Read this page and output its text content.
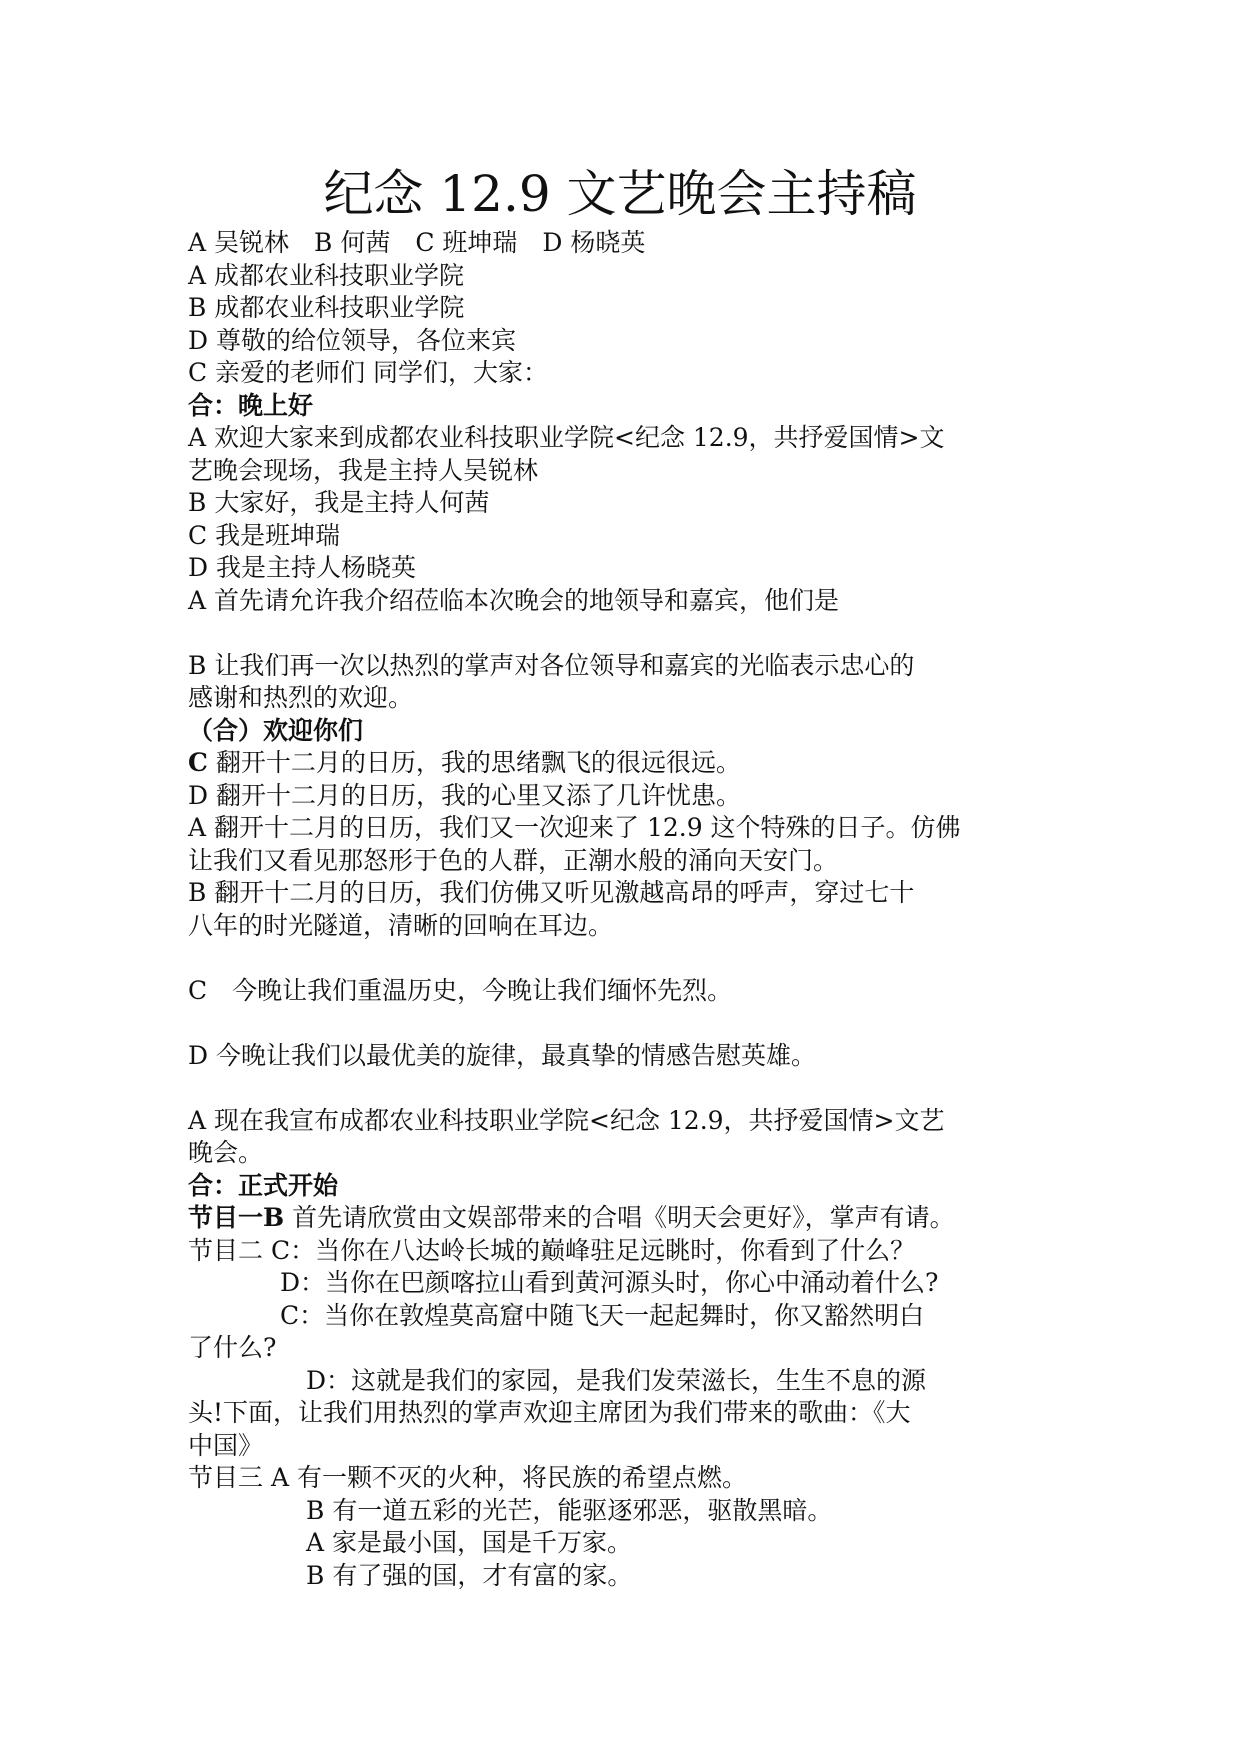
纪念 12.9 文艺晚会主持稿
A 吴锐林　B 何茜　C 班坤瑞　D 杨晓英
A 成都农业科技职业学院
B 成都农业科技职业学院
D 尊敬的给位领导，各位来宾
C 亲爱的老师们 同学们，大家：
合：晚上好
A 欢迎大家来到成都农业科技职业学院<纪念 12.9，共抒爱国情>文
艺晚会现场，我是主持人吴锐林
B 大家好，我是主持人何茜
C 我是班坤瑞
D 我是主持人杨晓英
A 首先请允许我介绍莅临本次晚会的地领导和嘉宾，他们是
B 让我们再一次以热烈的掌声对各位领导和嘉宾的光临表示忠心的
感谢和热烈的欢迎。
（合）欢迎你们
C 翻开十二月的日历，我的思绪飘飞的很远很远。
D 翻开十二月的日历，我的心里又添了几许忧患。
A 翻开十二月的日历，我们又一次迎来了 12.9 这个特殊的日子。仿佛
让我们又看见那怒形于色的人群，正潮水般的涌向天安门。
B 翻开十二月的日历，我们仿佛又听见激越高昂的呼声，穿过七十
八年的时光隧道，清晰的回响在耳边。
C　今晚让我们重温历史，今晚让我们缅怀先烈。
D 今晚让我们以最优美的旋律，最真挚的情感告慰英雄。
A 现在我宣布成都农业科技职业学院<纪念 12.9，共抒爱国情>文艺
晚会。
合：正式开始
节目一B 首先请欣赏由文娱部带来的合唱《明天会更好》，掌声有请。
节目二 C：当你在八达岭长城的巅峰驻足远眺时，你看到了什么？
D：当你在巴颜喀拉山看到黄河源头时，你心中涌动着什么?
C：当你在敦煌莫高窟中随飞天一起起舞时，你又豁然明白
了什么?
D：这就是我们的家园，是我们发荣滋长，生生不息的源
头!下面，让我们用热烈的掌声欢迎主席团为我们带来的歌曲：《大
中国》
节目三 A 有一颗不灭的火种，将民族的希望点燃。
B 有一道五彩的光芒，能驱逐邪恶，驱散黑暗。
A 家是最小国，国是千万家。
B 有了强的国，才有富的家。
